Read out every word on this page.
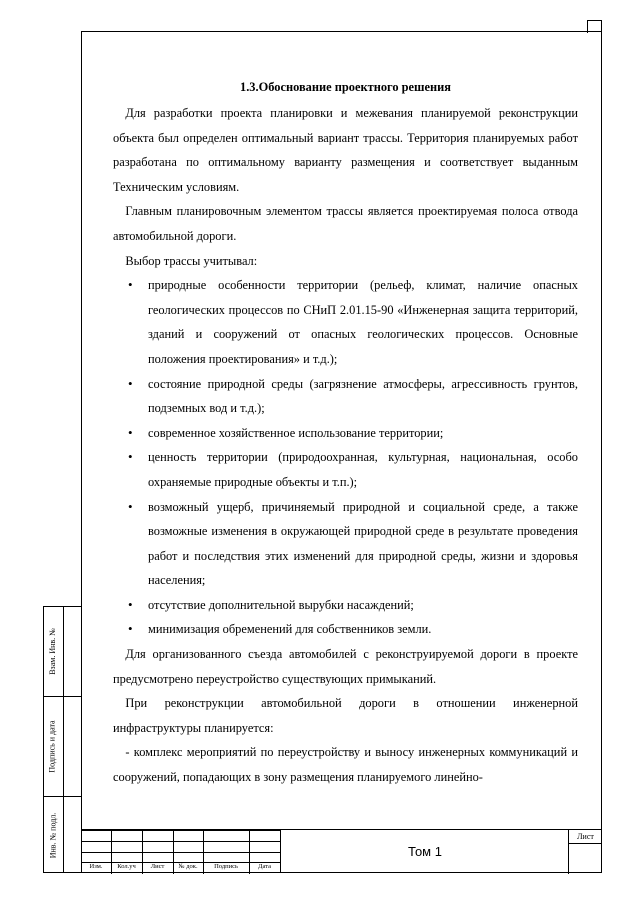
Взам. Инв. №
Подпись и дата
Инв. № подл.
1.3.Обоснование проектного решения

Для разработки проекта планировки и межевания планируемой реконструкции объекта был определен оптимальный вариант трассы. Территория планируемых работ разработана по оптимальному варианту размещения и соответствует выданным Техническим условиям.

Главным планировочным элементом трассы является проектируемая полоса отвода автомобильной дороги.

Выбор трассы учитывал:

• природные особенности территории (рельеф, климат, наличие опасных геологических процессов по СНиП 2.01.15-90 «Инженерная защита территорий, зданий и сооружений от опасных геологических процессов. Основные положения проектирования» и т.д.);
• состояние природной среды (загрязнение атмосферы, агрессивность грунтов, подземных вод и т.д.);
• современное хозяйственное использование территории;
• ценность территории (природоохранная, культурная, национальная, особо охраняемые природные объекты и т.п.);
• возможный ущерб, причиняемый природной и социальной среде, а также возможные изменения в окружающей природной среде в результате проведения работ и последствия этих изменений для природной среды, жизни и здоровья населения;
• отсутствие дополнительной вырубки насаждений;
• минимизация обременений для собственников земли.

Для организованного съезда автомобилей с реконструируемой дороги в проекте предусмотрено переустройство существующих примыканий.

При реконструкции автомобильной дороги в отношении инженерной инфраструктуры планируется:

- комплекс мероприятий по переустройству и выносу инженерных коммуникаций и сооружений, попадающих в зону размещения планируемого линейно-

Изм.	Кол.уч	Лист	№ док.	Подпись	Дата
Том 1
Лист
